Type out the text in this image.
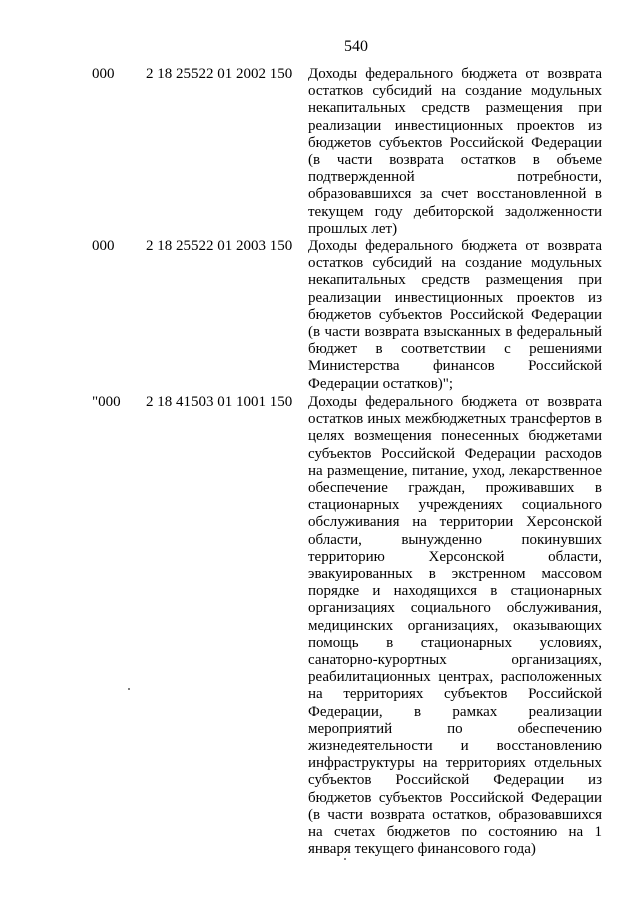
540
000 2 18 25522 01 2002 150 Доходы федерального бюджета от возврата остатков субсидий на создание модульных некапитальных средств размещения при реализации инвестиционных проектов из бюджетов субъектов Российской Федерации (в части возврата остатков в объеме подтвержденной потребности, образовавшихся за счет восстановленной в текущем году дебиторской задолженности прошлых лет)
000 2 18 25522 01 2003 150 Доходы федерального бюджета от возврата остатков субсидий на создание модульных некапитальных средств размещения при реализации инвестиционных проектов из бюджетов субъектов Российской Федерации (в части возврата взысканных в федеральный бюджет в соответствии с решениями Министерства финансов Российской Федерации остатков)";
"000 2 18 41503 01 1001 150 Доходы федерального бюджета от возврата остатков иных межбюджетных трансфертов в целях возмещения понесенных бюджетами субъектов Российской Федерации расходов на размещение, питание, уход, лекарственное обеспечение граждан, проживавших в стационарных учреждениях социального обслуживания на территории Херсонской области, вынужденно покинувших территорию Херсонской области, эвакуированных в экстренном массовом порядке и находящихся в стационарных организациях социального обслуживания, медицинских организациях, оказывающих помощь в стационарных условиях, санаторно-курортных организациях, реабилитационных центрах, расположенных на территориях субъектов Российской Федерации, в рамках реализации мероприятий по обеспечению жизнедеятельности и восстановлению инфраструктуры на территориях отдельных субъектов Российской Федерации из бюджетов субъектов Российской Федерации (в части возврата остатков, образовавшихся на счетах бюджетов по состоянию на 1 января текущего финансового года)
